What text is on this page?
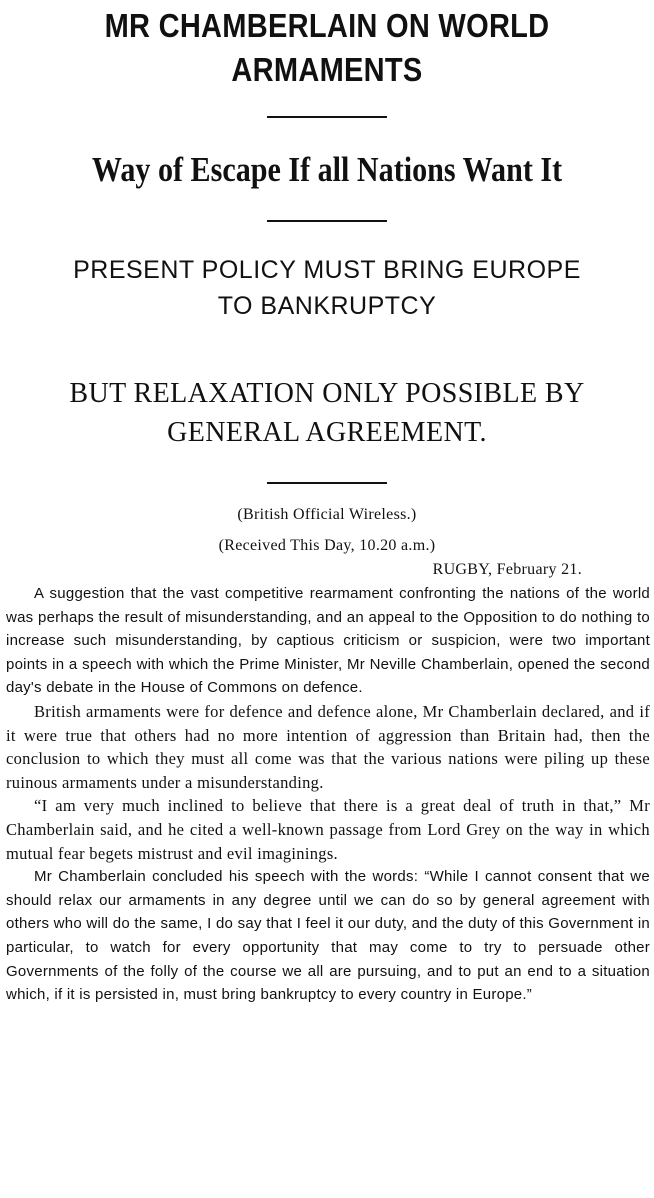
MR CHAMBERLAIN ON WORLD
ARMAMENTS
Way of Escape If all Nations Want It
PRESENT POLICY MUST BRING EUROPE
TO BANKRUPTCY
BUT RELAXATION ONLY POSSIBLE BY
GENERAL AGREEMENT.

(British Official Wireless.)

(Received This Day, 10.20 a.m.)

RUGBY, February 21.

A suggestion that the vast competitive rearmament confronting the nations of the world was perhaps the result of misunderstanding, and an appeal to the Opposition to do nothing to increase such misunderstanding, by captious criticism or suspicion, were two important points in a speech with which the Prime Minister, Mr Neville Chamberlain, opened the second day's debate in the House of Commons on defence.

British armaments were for defence and defence alone, Mr Chamberlain declared, and if it were true that others had no more intention of aggression than Britain had, then the conclusion to which they must all come was that the various nations were piling up these ruinous armaments under a misunderstanding.

“I am very much inclined to believe that there is a great deal of truth in that,” Mr Chamberlain said, and he cited a well-known passage from Lord Grey on the way in which mutual fear begets mistrust and evil imaginings.

Mr Chamberlain concluded his speech with the words: “While I cannot consent that we should relax our armaments in any degree until we can do so by general agreement with others who will do the same, I do say that I feel it our duty, and the duty of this Government in particular, to watch for every opportunity that may come to try to persuade other Governments of the folly of the course we all are pursuing, and to put an end to a situation which, if it is persisted in, must bring bankruptcy to every country in Europe.”
